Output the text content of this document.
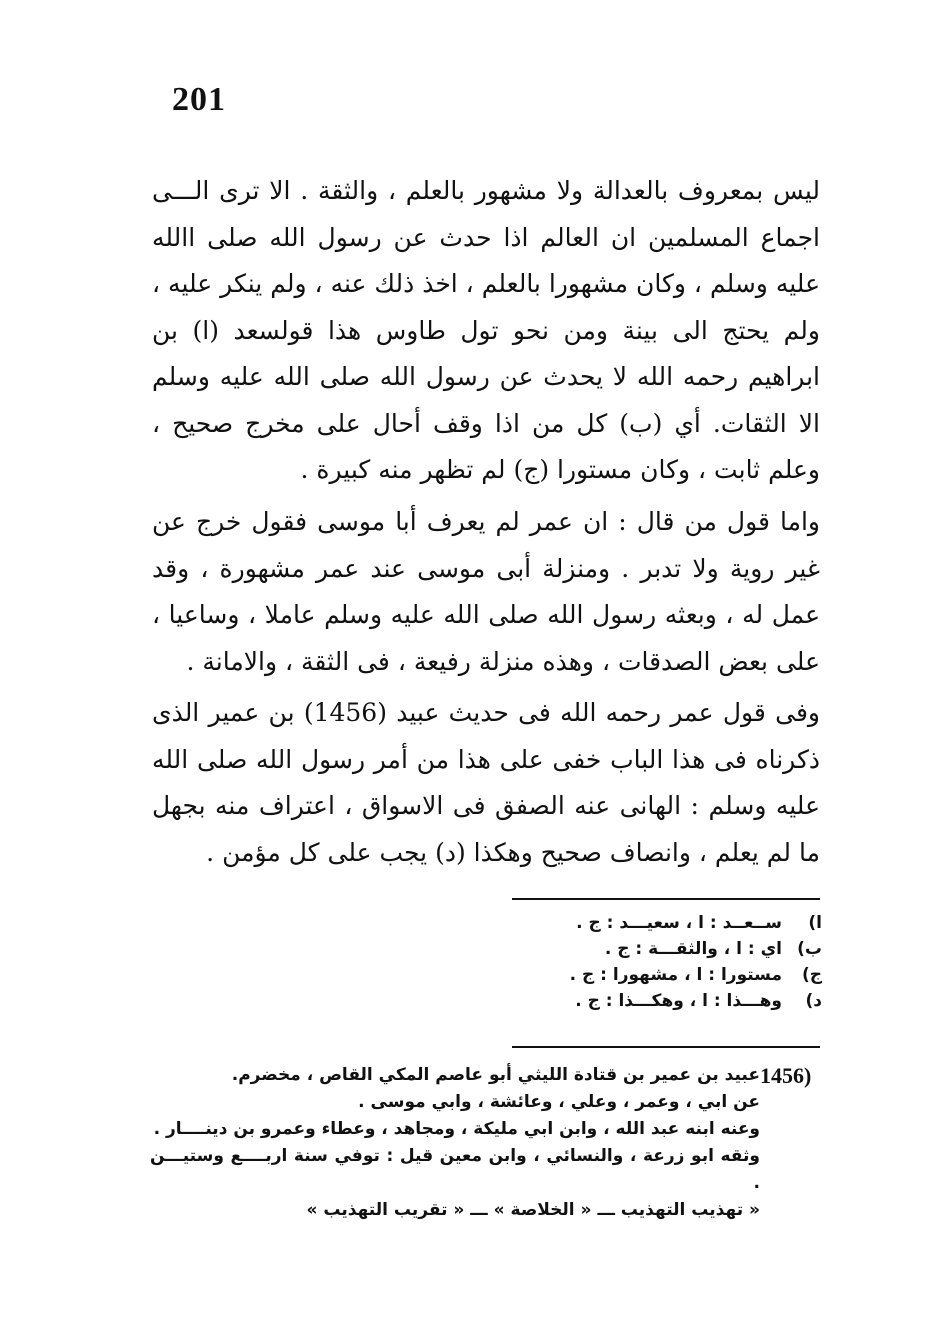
201

ليس بمعروف بالعدالة ولا مشهور بالعلم ، والثقة . الا ترى الـــى اجماع المسلمين ان العالم اذا حدث عن رسول الله صلى االله عليه وسلم ، وكان مشهورا بالعلم ، اخذ ذلك عنه ، ولم ينكر عليه ، ولم يحتج الى بينة ومن نحو تول طاوس هذا قولسعد (ا) بن ابراهيم رحمه الله لا يحدث عن رسول الله صلى الله عليه وسلم الا الثقات. أي (ب) كل من اذا وقف أحال على مخرج صحيح ، وعلم ثابت ، وكان مستورا (ج) لم تظهر منه كبيرة .

واما قول من قال : ان عمر لم يعرف أبا موسى فقول خرج عن غير روية ولا تدبر . ومنزلة أبى موسى عند عمر مشهورة ، وقد عمل له ، وبعثه رسول الله صلى الله عليه وسلم عاملا ، وساعيا ، على بعض الصدقات ، وهذه منزلة رفيعة ، فى الثقة ، والامانة .

وفى قول عمر رحمه الله فى حديث عبيد (1456) بن عمير الذى ذكرناه فى هذا الباب خفى على هذا من أمر رسول الله صلى الله عليه وسلم : الهانى عنه الصفق فى الاسواق ، اعتراف منه بجهل ما لم يعلم ، وانصاف صحيح وهكذا (د) يجب على كل مؤمن .

ا)
ســعــد : ا ، سعيـــد : ج .
ب)
اي : ا ، والثقـــة : ج .
ج)
مستورا : ا ، مشهورا : ج .
د)
وهـــذا : ا ، وهكـــذا : ج .
1456)
عبيد بن عمير بن قتادة الليثي أبو عاصم المكي القاص ، مخضرم.
عن ابي ، وعمر ، وعلي ، وعائشة ، وابي موسى .
وعنه ابنه عبد الله ، وابن ابي مليكة ، ومجاهد ، وعطاء وعمرو بن دينــــار .
وثقه ابو زرعة ، والنسائي ، وابن معين قيل : توفي سنة اربــــع وستيـــن .
« تهذيب التهذيب ـــ « الخلاصة » ـــ « تقريب التهذيب »
